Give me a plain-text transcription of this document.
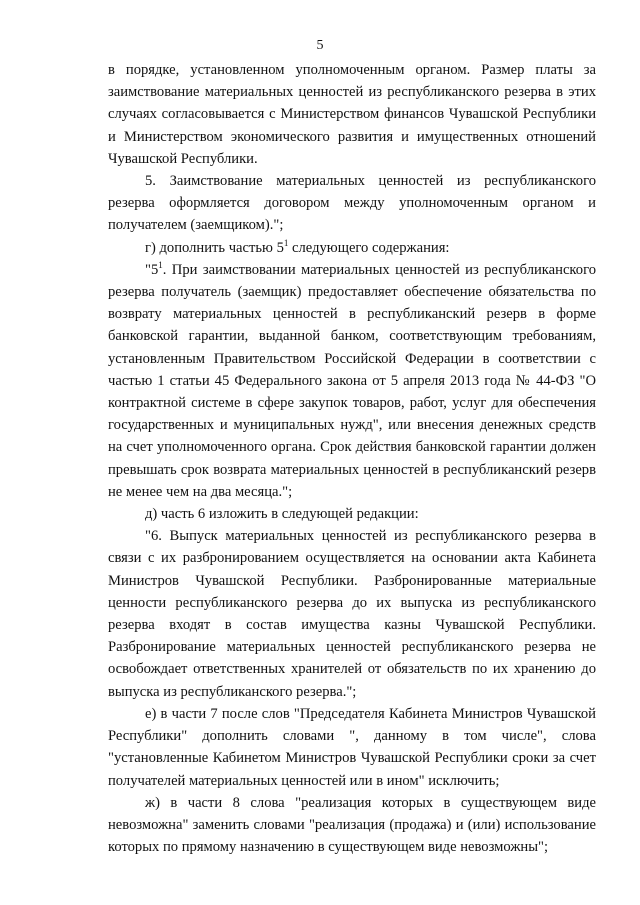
5

в порядке, установленном уполномоченным органом. Размер платы за заимствование материальных ценностей из республиканского резерва в этих случаях согласовывается с Министерством финансов Чувашской Республики и Министерством экономического развития и имущественных отношений Чувашской Республики.

5. Заимствование материальных ценностей из республиканского резерва оформляется договором между уполномоченным органом и получателем (заемщиком).";

г) дополнить частью $5^1$ следующего содержания:

"$5^1$. При заимствовании материальных ценностей из республиканского резерва получатель (заемщик) предоставляет обеспечение обязательства по возврату материальных ценностей в республиканский резерв в форме банковской гарантии, выданной банком, соответствующим требованиям, установленным Правительством Российской Федерации в соответствии с частью 1 статьи 45 Федерального закона от 5 апреля 2013 года № 44-ФЗ "О контрактной системе в сфере закупок товаров, работ, услуг для обеспечения государственных и муниципальных нужд", или внесения денежных средств на счет уполномоченного органа. Срок действия банковской гарантии должен превышать срок возврата материальных ценностей в республиканский резерв не менее чем на два месяца.";

д) часть 6 изложить в следующей редакции:

"6. Выпуск материальных ценностей из республиканского резерва в связи с их разбронированием осуществляется на основании акта Кабинета Министров Чувашской Республики. Разбронированные материальные ценности республиканского резерва до их выпуска из республиканского резерва входят в состав имущества казны Чувашской Республики. Разбронирование материальных ценностей республиканского резерва не освобождает ответственных хранителей от обязательств по их хранению до выпуска из республиканского резерва.";

е) в части 7 после слов "Председателя Кабинета Министров Чувашской Республики" дополнить словами ", данному в том числе", слова "установленные Кабинетом Министров Чувашской Республики сроки за счет получателей материальных ценностей или в ином" исключить;

ж) в части 8 слова "реализация которых в существующем виде невозможна" заменить словами "реализация (продажа) и (или) использование которых по прямому назначению в существующем виде невозможны";
